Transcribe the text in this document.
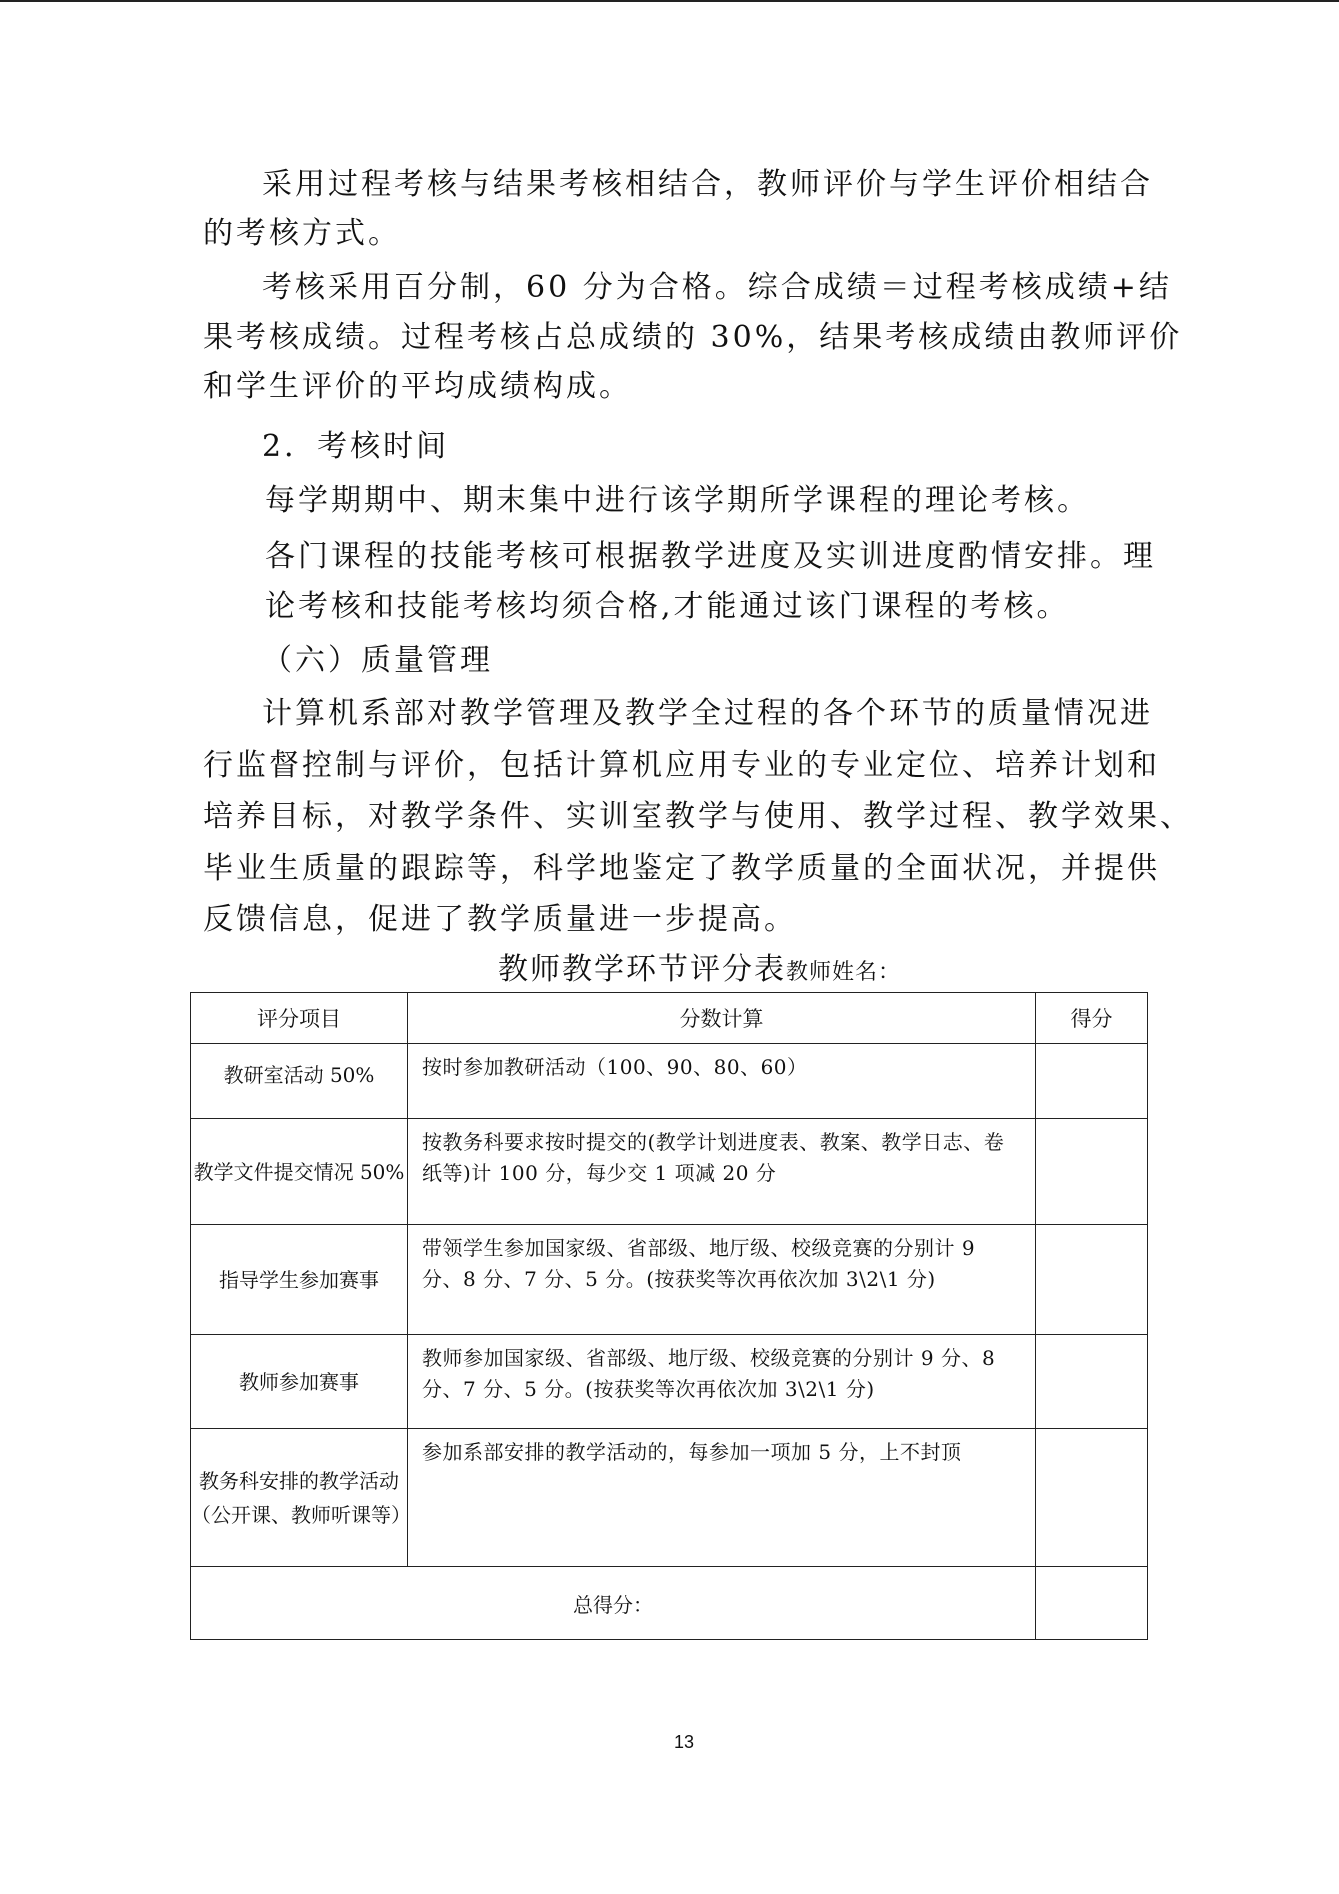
采用过程考核与结果考核相结合，教师评价与学生评价相结合
的考核方式。
考核采用百分制，60 分为合格。综合成绩＝过程考核成绩+结
果考核成绩。过程考核占总成绩的 30%，结果考核成绩由教师评价
和学生评价的平均成绩构成。
2．考核时间
每学期期中、期末集中进行该学期所学课程的理论考核。
各门课程的技能考核可根据教学进度及实训进度酌情安排。理
论考核和技能考核均须合格,才能通过该门课程的考核。
（六）质量管理
计算机系部对教学管理及教学全过程的各个环节的质量情况进
行监督控制与评价，包括计算机应用专业的专业定位、培养计划和
培养目标，对教学条件、实训室教学与使用、教学过程、教学效果、
毕业生质量的跟踪等，科学地鉴定了教学质量的全面状况，并提供
反馈信息，促进了教学质量进一步提高。
教师教学环节评分表教师姓名：
评分项目	分数计算	得分
教研室活动 50%	按时参加教研活动（100、90、80、60）	
教学文件提交情况 50%	按教务科要求按时提交的(教学计划进度表、教案、教学日志、卷纸等)计 100 分，每少交 1 项减 20 分	
指导学生参加赛事	带领学生参加国家级、省部级、地厅级、校级竞赛的分别计 9 分、8 分、7 分、5 分。(按获奖等次再依次加 3\2\1 分)	
教师参加赛事	教师参加国家级、省部级、地厅级、校级竞赛的分别计 9 分、8 分、7 分、5 分。(按获奖等次再依次加 3\2\1 分)	
教务科安排的教学活动（公开课、教师听课等）	参加系部安排的教学活动的，每参加一项加 5 分，上不封顶	
总得分：		
13
